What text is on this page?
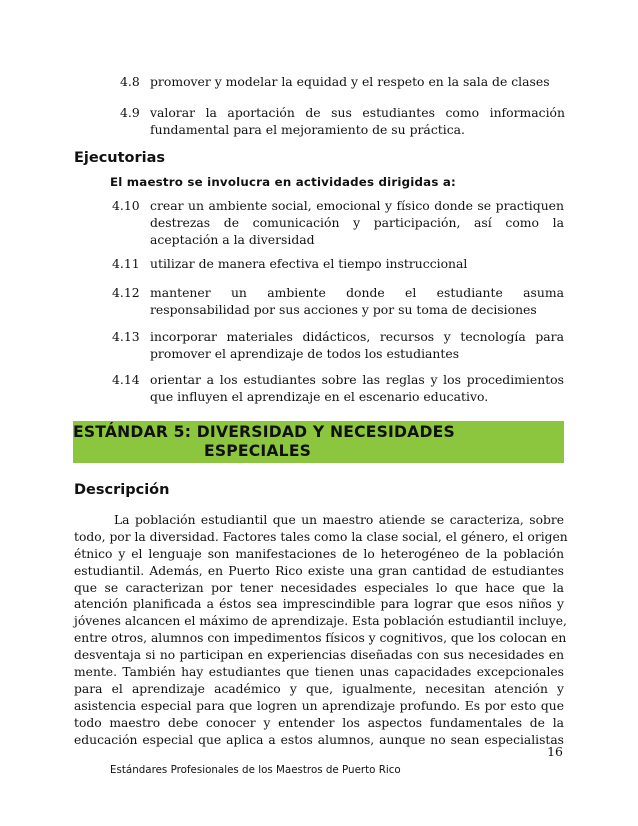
4.8 promover y modelar la equidad y el respeto en la sala de clases
4.9 valorar la aportación de sus estudiantes como información fundamental para el mejoramiento de su práctica.
Ejecutorias
El maestro se involucra en actividades dirigidas a:
4.10 crear un ambiente social, emocional y físico donde se practiquen destrezas de comunicación y participación, así como la aceptación a la diversidad
4.11 utilizar de manera efectiva el tiempo instruccional
4.12 mantener un ambiente donde el estudiante asuma responsabilidad por sus acciones y por su toma de decisiones
4.13 incorporar materiales didácticos, recursos y tecnología para promover el aprendizaje de todos los estudiantes
4.14 orientar a los estudiantes sobre las reglas y los procedimientos que influyen el aprendizaje en el escenario educativo.
ESTÁNDAR 5: DIVERSIDAD Y NECESIDADES
ESPECIALES
Descripción
La población estudiantil que un maestro atiende se caracteriza, sobre
todo, por la diversidad. Factores tales como la clase social, el género, el origen
étnico y el lenguaje son manifestaciones de lo heterogéneo de la población
estudiantil. Además, en Puerto Rico existe una gran cantidad de estudiantes
que se caracterizan por tener necesidades especiales lo que hace que la
atención planificada a éstos sea imprescindible para lograr que esos niños y
jóvenes alcancen el máximo de aprendizaje. Esta población estudiantil incluye,
entre otros, alumnos con impedimentos físicos y cognitivos, que los colocan en
desventaja si no participan en experiencias diseñadas con sus necesidades en
mente. También hay estudiantes que tienen unas capacidades excepcionales
para el aprendizaje académico y que, igualmente, necesitan atención y
asistencia especial para que logren un aprendizaje profundo. Es por esto que
todo maestro debe conocer y entender los aspectos fundamentales de la
educación especial que aplica a estos alumnos, aunque no sean especialistas
16
Estándares Profesionales de los Maestros de Puerto Rico
